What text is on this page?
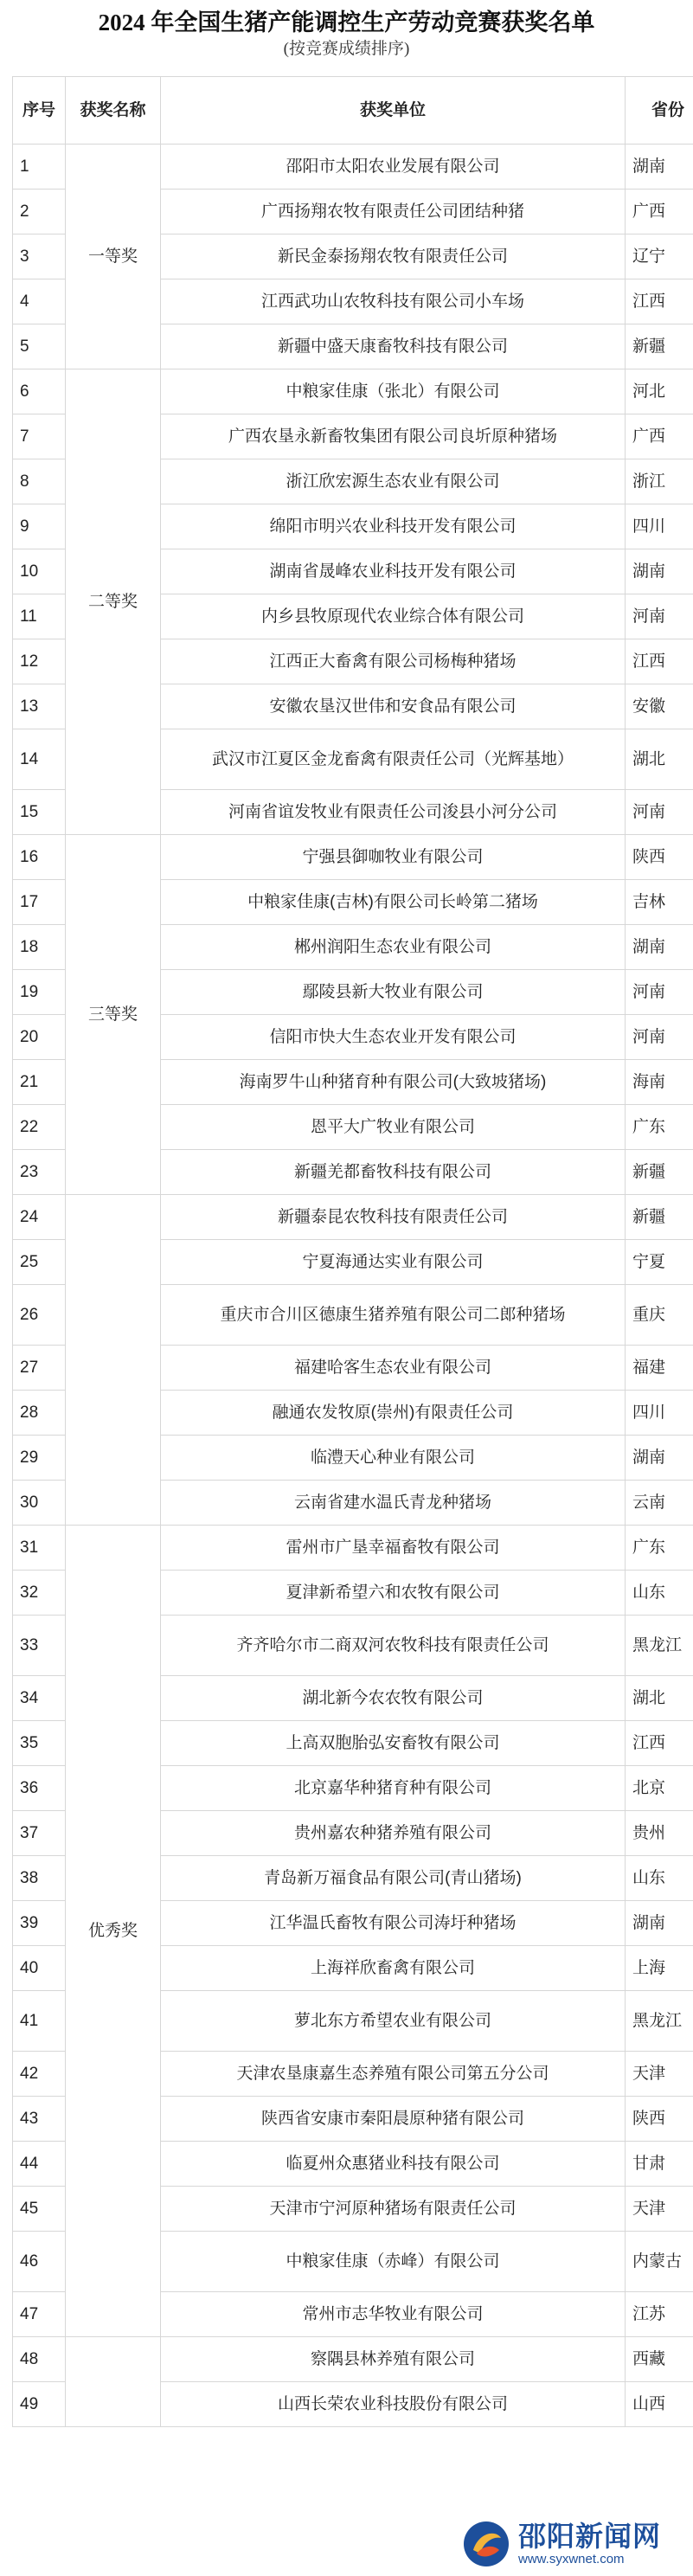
2024 年全国生猪产能调控生产劳动竞赛获奖名单
(按竞赛成绩排序)
序号	获奖名称	获奖单位	省份
1	一等奖	邵阳市太阳农业发展有限公司	湖南
2		广西扬翔农牧有限责任公司团结种猪	广西
3		新民金泰扬翔农牧有限责任公司	辽宁
4		江西武功山农牧科技有限公司小车场	江西
5		新疆中盛天康畜牧科技有限公司	新疆
6	二等奖	中粮家佳康（张北）有限公司	河北
7		广西农垦永新畜牧集团有限公司良圻原种猪场	广西
8		浙江欣宏源生态农业有限公司	浙江
9		绵阳市明兴农业科技开发有限公司	四川
10		湖南省晟峰农业科技开发有限公司	湖南
11		内乡县牧原现代农业综合体有限公司	河南
12		江西正大畜禽有限公司杨梅种猪场	江西
13		安徽农垦汉世伟和安食品有限公司	安徽
14		武汉市江夏区金龙畜禽有限责任公司（光辉基地）	湖北
15		河南省谊发牧业有限责任公司浚县小河分公司	河南
16	三等奖	宁强县御咖牧业有限公司	陕西
17		中粮家佳康(吉林)有限公司长岭第二猪场	吉林
18		郴州润阳生态农业有限公司	湖南
19		鄢陵县新大牧业有限公司	河南
20		信阳市快大生态农业开发有限公司	河南
21		海南罗牛山种猪育种有限公司(大致坡猪场)	海南
22		恩平大广牧业有限公司	广东
23		新疆羌都畜牧科技有限公司	新疆
24		新疆泰昆农牧科技有限责任公司	新疆
25		宁夏海通达实业有限公司	宁夏
26		重庆市合川区德康生猪养殖有限公司二郎种猪场	重庆
27		福建哈客生态农业有限公司	福建
28		融通农发牧原(崇州)有限责任公司	四川
29		临澧天心种业有限公司	湖南
30		云南省建水温氏青龙种猪场	云南
31	优秀奖	雷州市广垦幸福畜牧有限公司	广东
32		夏津新希望六和农牧有限公司	山东
33		齐齐哈尔市二商双河农牧科技有限责任公司	黑龙江
34		湖北新今农农牧有限公司	湖北
35		上高双胞胎弘安畜牧有限公司	江西
36		北京嘉华种猪育种有限公司	北京
37		贵州嘉农种猪养殖有限公司	贵州
38		青岛新万福食品有限公司(青山猪场)	山东
39		江华温氏畜牧有限公司涛圩种猪场	湖南
40		上海祥欣畜禽有限公司	上海
41		萝北东方希望农业有限公司	黑龙江
42		天津农垦康嘉生态养殖有限公司第五分公司	天津
43		陕西省安康市秦阳晨原种猪有限公司	陕西
44		临夏州众惠猪业科技有限公司	甘肃
45		天津市宁河原种猪场有限责任公司	天津
46		中粮家佳康（赤峰）有限公司	内蒙古
47		常州市志华牧业有限公司	江苏
48		察隅县林养殖有限公司	西藏
49		山西长荣农业科技股份有限公司	山西
邵阳新闻网
www.syxwnet.com
